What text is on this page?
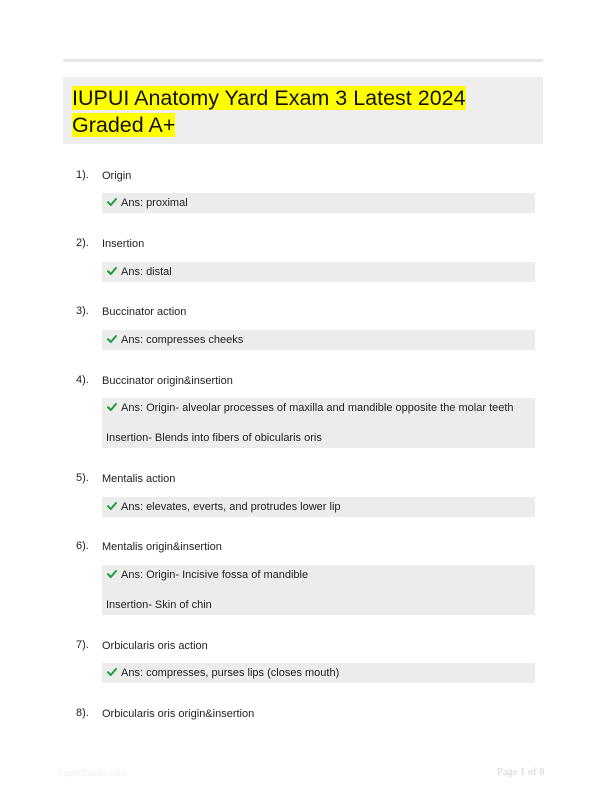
IUPUI Anatomy Yard Exam 3 Latest 2024 Graded A+
1). Origin
Ans: proximal
2). Insertion
Ans: distal
3). Buccinator action
Ans: compresses cheeks
4). Buccinator origin&insertion
Ans: Origin- alveolar processes of maxilla and mandible opposite the molar teeth
Insertion- Blends into fibers of obicularis oris
5). Mentalis action
Ans: elevates, everts, and protrudes lower lip
6). Mentalis origin&insertion
Ans: Origin- Incisive fossa of mandible
Insertion- Skin of chin
7). Orbicularis oris action
Ans: compresses, purses lips (closes mouth)
8). Orbicularis oris origin&insertion
PaperStudio.com	Page 1 of 8
